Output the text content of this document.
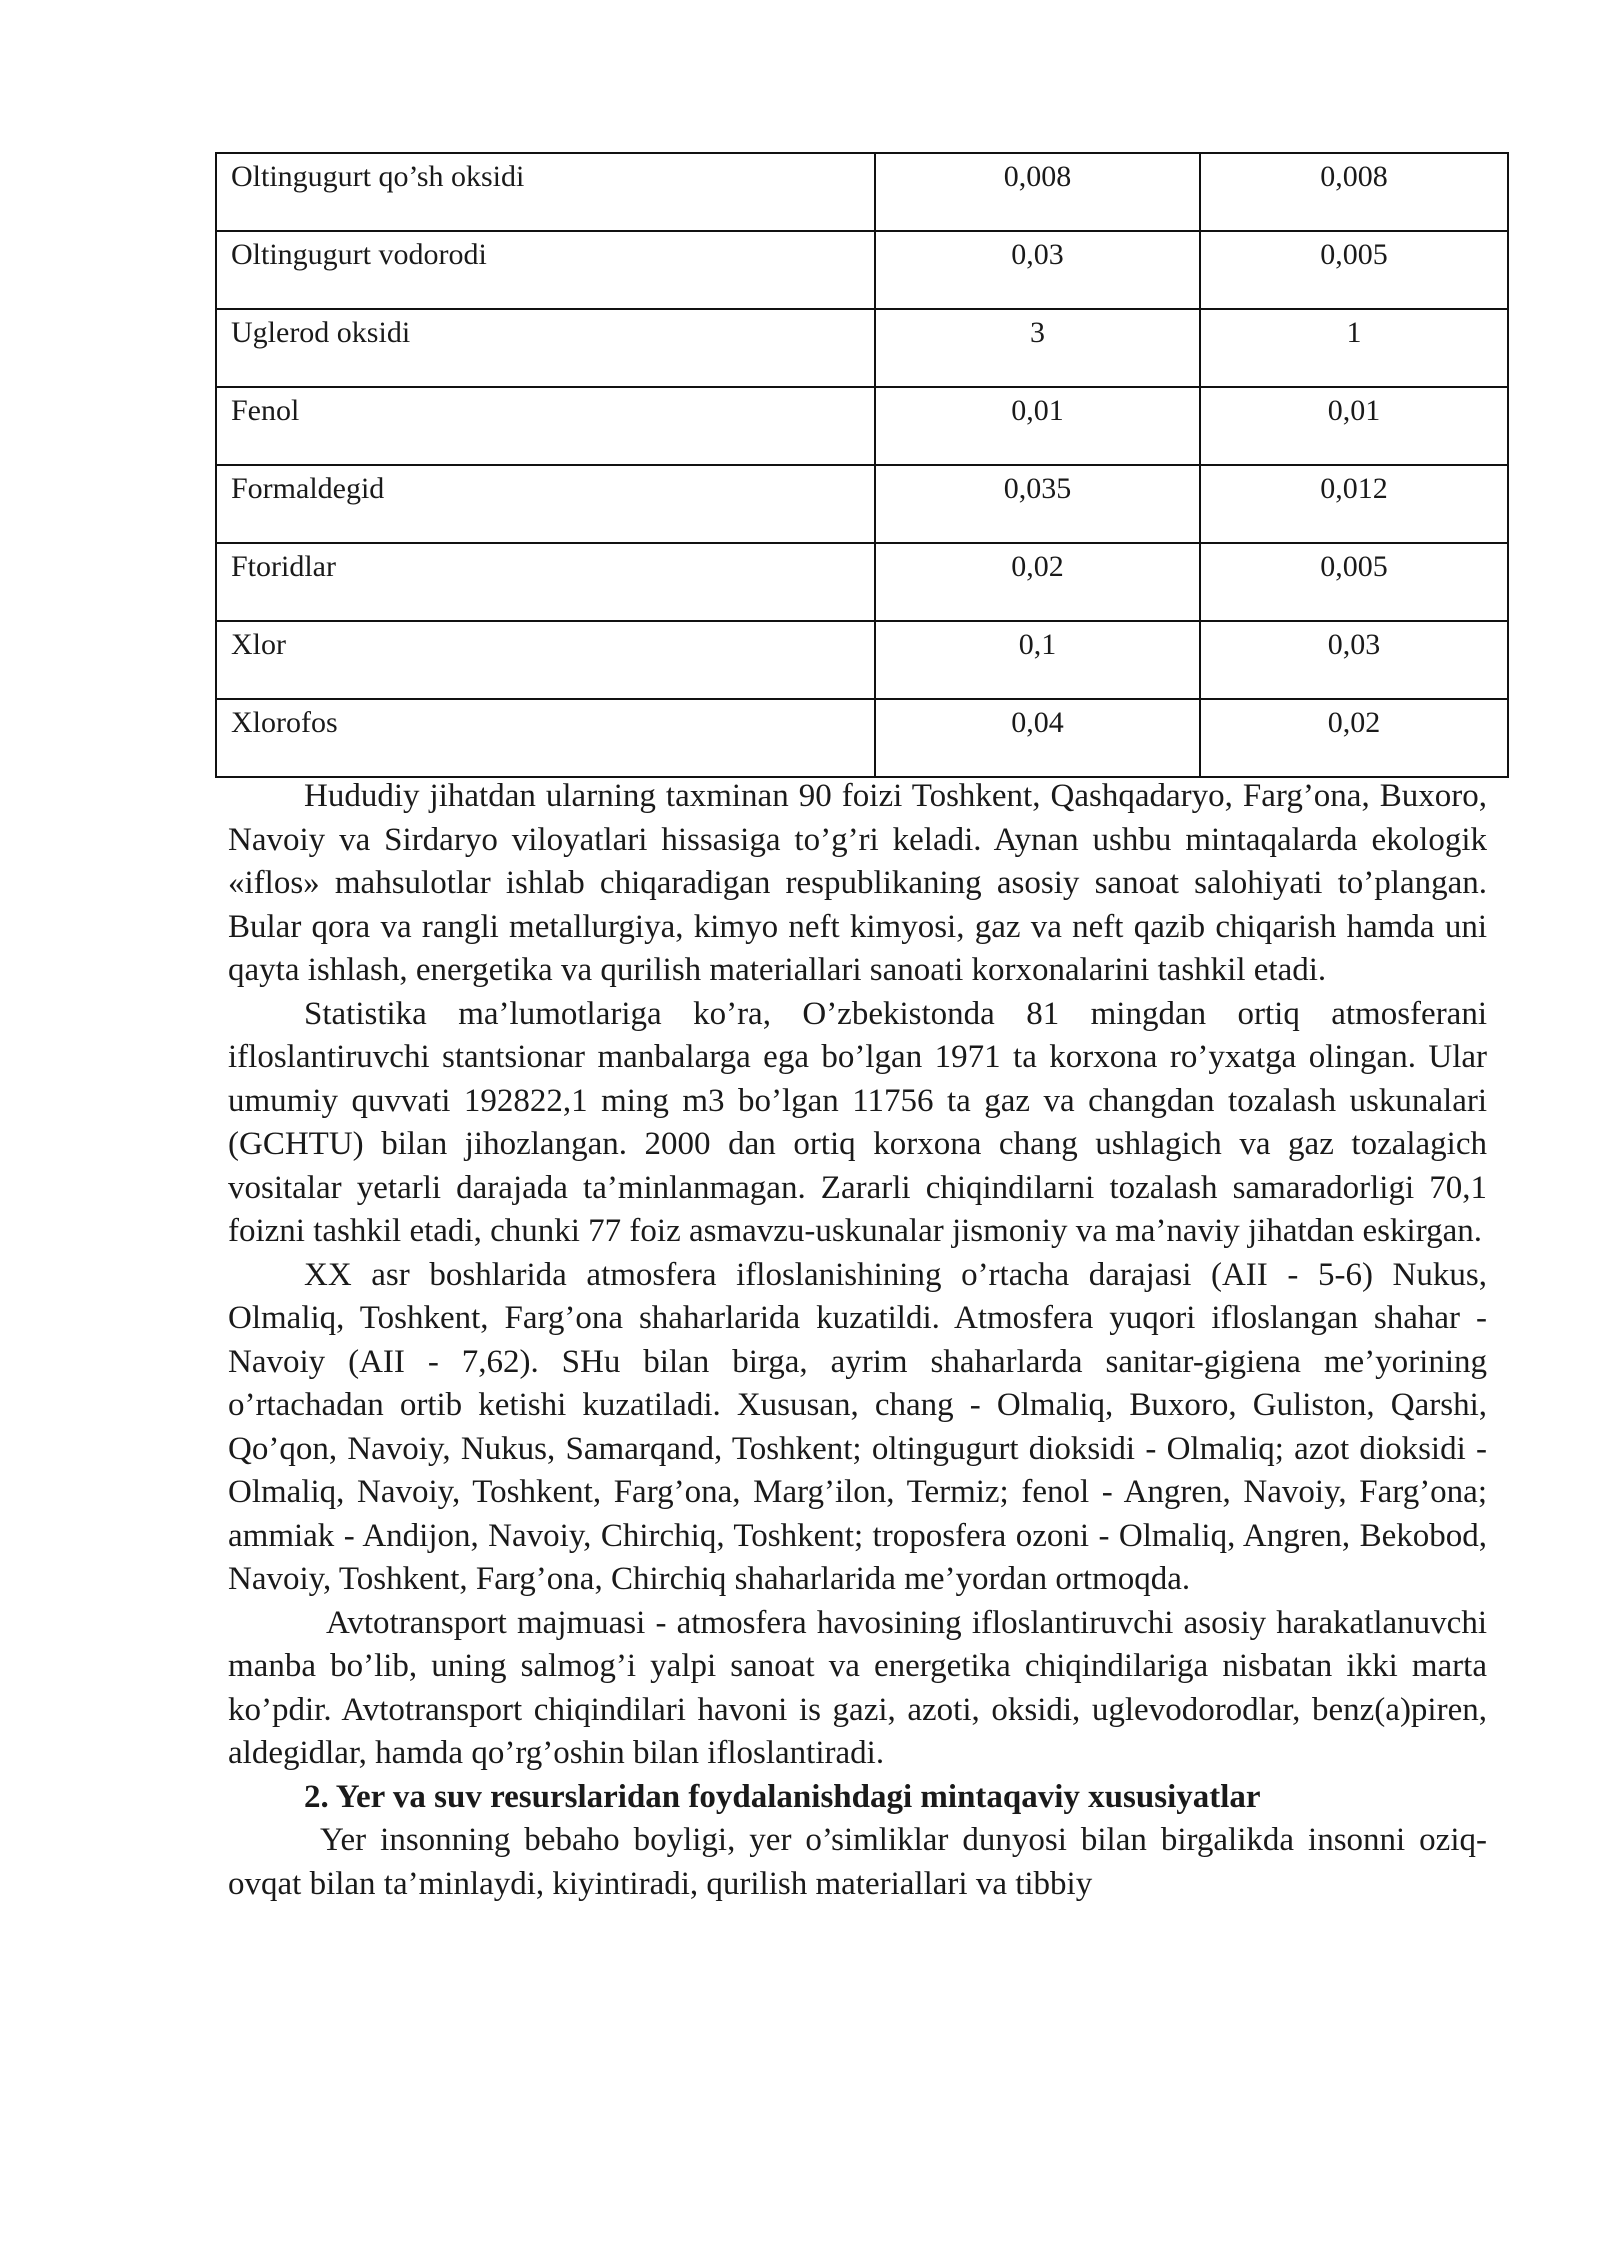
Oltingugurt qo’sh oksidi	0,008	0,008
Oltingugurt vodorodi	0,03	0,005
Uglerod oksidi	3	1
Fenol	0,01	0,01
Formaldegid	0,035	0,012
Ftoridlar	0,02	0,005
Xlor	0,1	0,03
Xlorofos	0,04	0,02

Hududiy jihatdan ularning taxminan 90 foizi Toshkent, Qashqadaryo, Farg’ona, Buxoro, Navoiy va Sirdaryo viloyatlari hissasiga to’g’ri keladi. Aynan ushbu mintaqalarda ekologik «iflos» mahsulotlar ishlab chiqaradigan respublikaning asosiy sanoat salohiyati to’plangan. Bular qora va rangli metallurgiya, kimyo neft kimyosi, gaz va neft qazib chiqarish hamda uni qayta ishlash, energetika va qurilish materiallari sanoati korxonalarini tashkil etadi.

Statistika ma’lumotlariga ko’ra, O’zbekistonda 81 mingdan ortiq atmosferani ifloslantiruvchi stantsionar manbalarga ega bo’lgan 1971 ta korxona ro’yxatga olingan. Ular umumiy quvvati 192822,1 ming m3 bo’lgan 11756 ta gaz va changdan tozalash uskunalari (GCHTU) bilan jihozlangan. 2000 dan ortiq korxona chang ushlagich va gaz tozalagich vositalar yetarli darajada ta’minlanmagan. Zararli chiqindilarni tozalash samaradorligi 70,1 foizni tashkil etadi, chunki 77 foiz asmavzu-uskunalar jismoniy va ma’naviy jihatdan eskirgan.

XX asr boshlarida atmosfera ifloslanishining o’rtacha darajasi (AII - 5-6) Nukus, Olmaliq, Toshkent, Farg’ona shaharlarida kuzatildi. Atmosfera yuqori ifloslangan shahar - Navoiy (AII - 7,62). SHu bilan birga, ayrim shaharlarda sanitar-gigiena me’yorining o’rtachadan ortib ketishi kuzatiladi. Xususan, chang - Olmaliq, Buxoro, Guliston, Qarshi, Qo’qon, Navoiy, Nukus, Samarqand, Toshkent; oltingugurt dioksidi - Olmaliq; azot dioksidi - Olmaliq, Navoiy, Toshkent, Farg’ona, Marg’ilon, Termiz; fenol - Angren, Navoiy, Farg’ona; ammiak - Andijon, Navoiy, Chirchiq, Toshkent; troposfera ozoni - Olmaliq, Angren, Bekobod, Navoiy, Toshkent, Farg’ona, Chirchiq shaharlarida me’yordan ortmoqda.

Avtotransport majmuasi - atmosfera havosining ifloslantiruvchi asosiy harakatlanuvchi manba bo’lib, uning salmog’i yalpi sanoat va energetika chiqindilariga nisbatan ikki marta ko’pdir. Avtotransport chiqindilari havoni is gazi, azoti, oksidi, uglevodorodlar, benz(a)piren, aldegidlar, hamda qo’rg’oshin bilan ifloslantiradi.

2. Yer va suv resurslaridan foydalanishdagi mintaqaviy xususiyatlar

Yer insonning bebaho boyligi, yer o’simliklar dunyosi bilan birgalikda insonni oziq-ovqat bilan ta’minlaydi, kiyintiradi, qurilish materiallari va tibbiy
